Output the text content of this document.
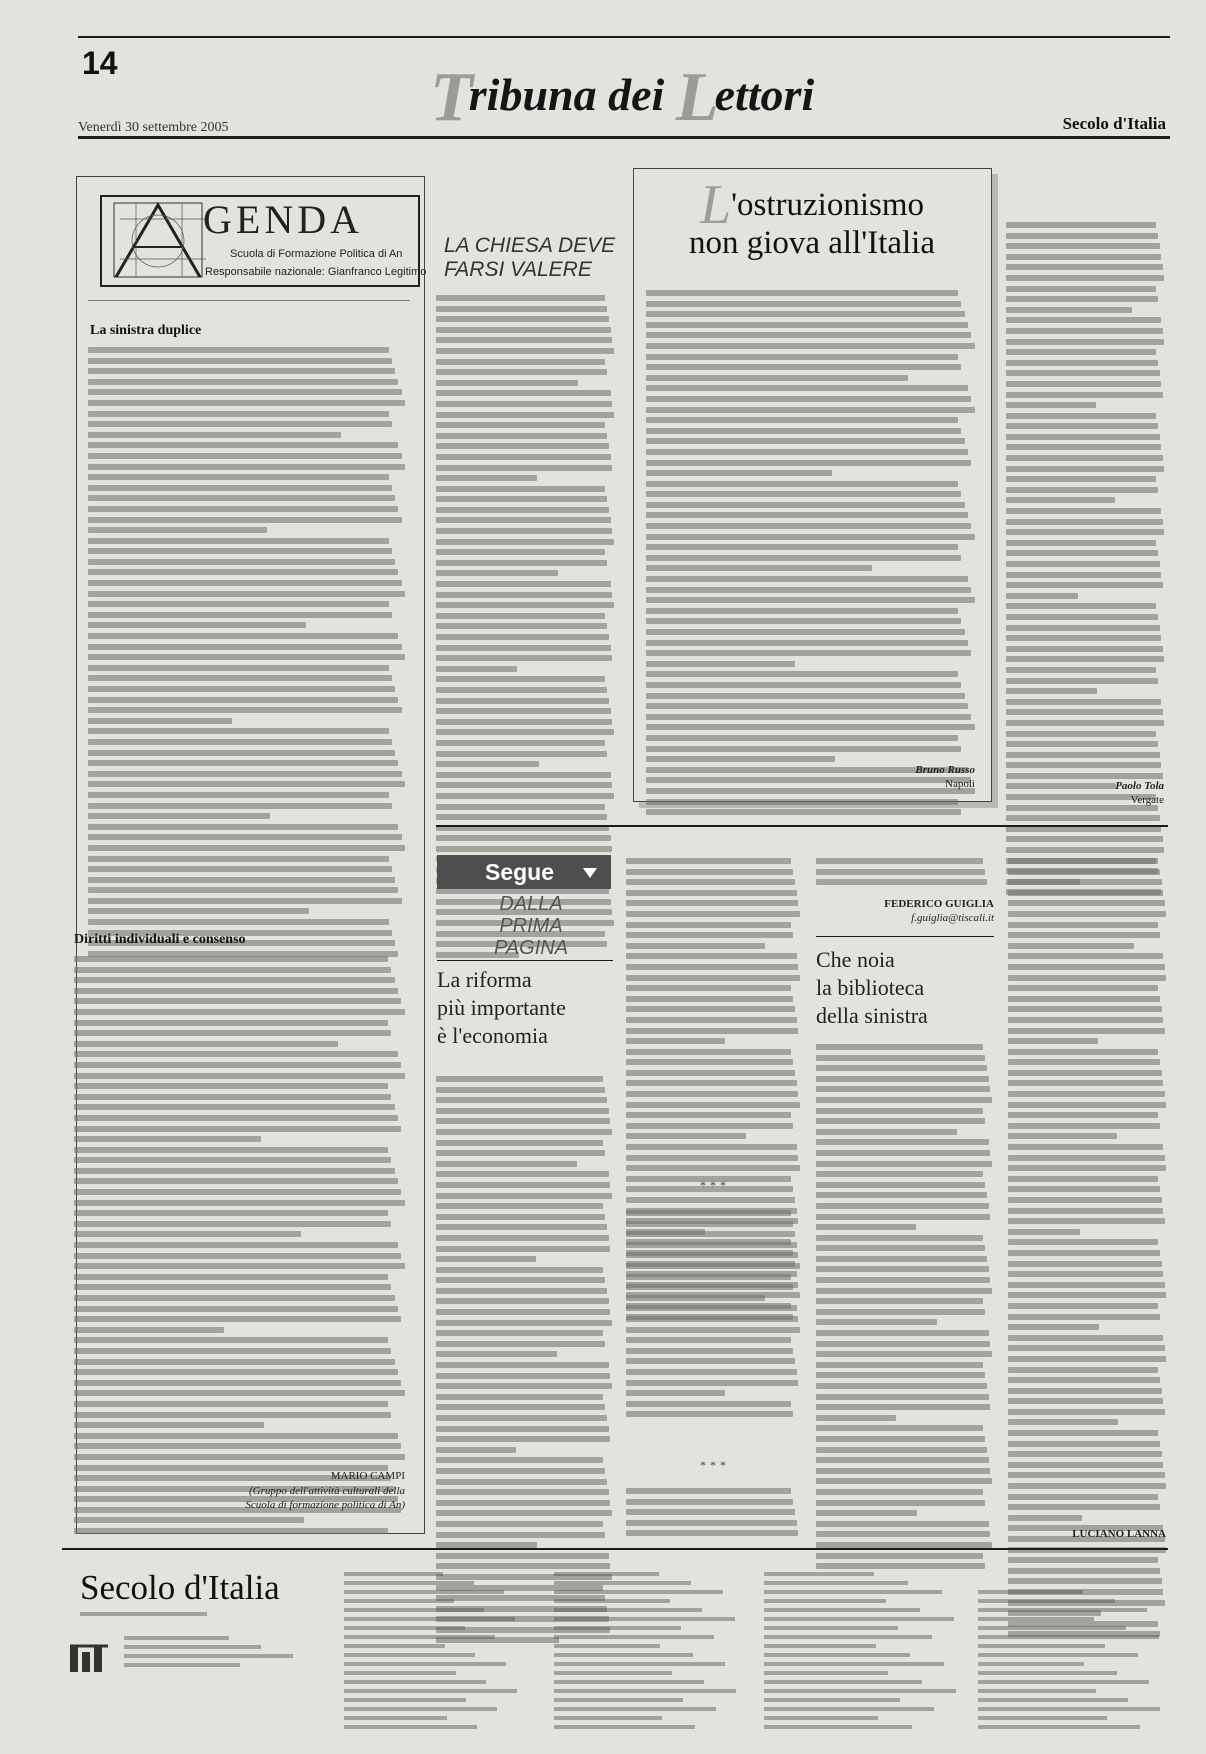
14	Tribuna dei Lettori
Venerdì 30 settembre 2005	Secolo d'Italia
GENDA
Scuola di Formazione Politica di An
Responsabile nazionale: Gianfranco Legitimo
La sinistra duplice
Diritti individuali e consenso
MARIO CAMPI
(Gruppo dell'attività culturali della
Scuola di formazione politica di An)
LA CHIESA DEVE
FARSI VALERE
L'ostruzionismo
non giova all'Italia
Bruno Russo
Napoli	Paolo Tola
Vergate
Segue
DALLA
PRIMA
PAGINA
La riforma
più importante
è l'economia
***
***
FEDERICO GUIGLIA
f.guiglia@tiscali.it
Che noia
la biblioteca
della sinistra
LUCIANO LANNA
Secolo d'Italia
